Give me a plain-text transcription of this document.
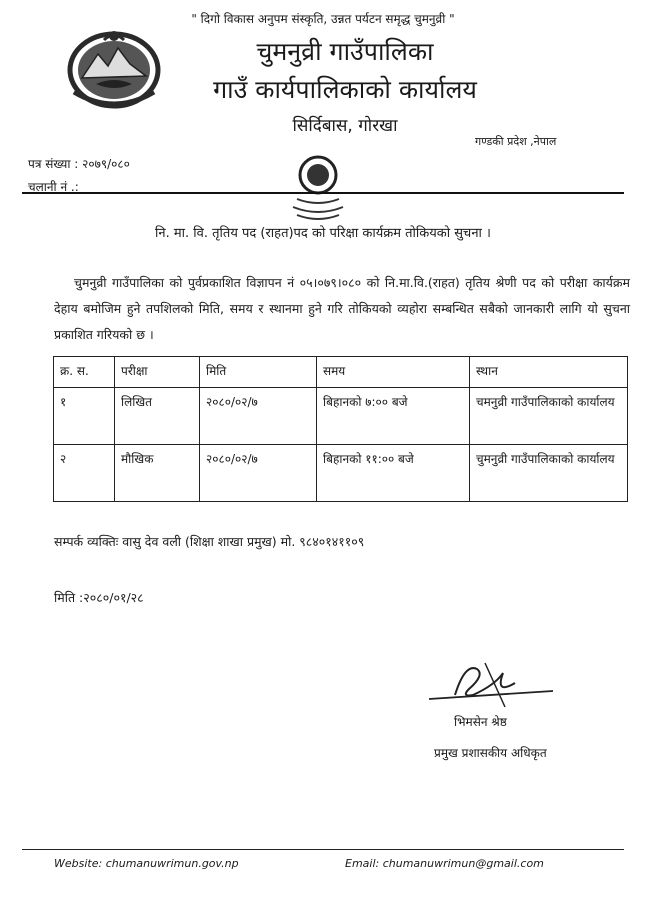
" दिगो विकास अनुपम संस्कृति, उन्नत पर्यटन समृद्ध चुमनुव्री "
चुमनुव्री गाउँपालिका
गाउँ कार्यपालिकाको कार्यालय
सिर्दिबास, गोरखा
गण्डकी प्रदेश ,नेपाल
पत्र संख्या : २०७९/०८०
चलानी नं .:
नि. मा. वि. तृतिय पद (राहत)पद को परिक्षा कार्यक्रम तोकियको सुचना ।
चुमनुव्री गाउँपालिका को पुर्वप्रकाशित विज्ञापन नं ०५।०७९।०८० को नि.मा.वि.(राहत) तृतिय श्रेणी पद को परीक्षा कार्यक्रम देहाय बमोजिम हुने तपशिलको मिति, समय र स्थानमा हुने गरि तोकियको व्यहोरा सम्बन्धित सबैको जानकारी लागि यो सुचना प्रकाशित गरियको छ ।
क्र. स.	परीक्षा	मिति	समय	स्थान
१	लिखित	२०८०/०२/७	बिहानको ७:०० बजे	चमनुव्री गाउँपालिकाको कार्यालय
२	मौखिक	२०८०/०२/७	बिहानको ११:०० बजे	चुमनुव्री गाउँपालिकाको कार्यालय
सम्पर्क व्यक्तिः वासु देव वली (शिक्षा शाखा प्रमुख) मो. ९८४०१४११०९
मिति :२०८०/०१/२८
भिमसेन श्रेष्ठ
प्रमुख प्रशासकीय अधिकृत
Website: chumanuwrimun.gov.np	Email: chumanuwrimun@gmail.com
